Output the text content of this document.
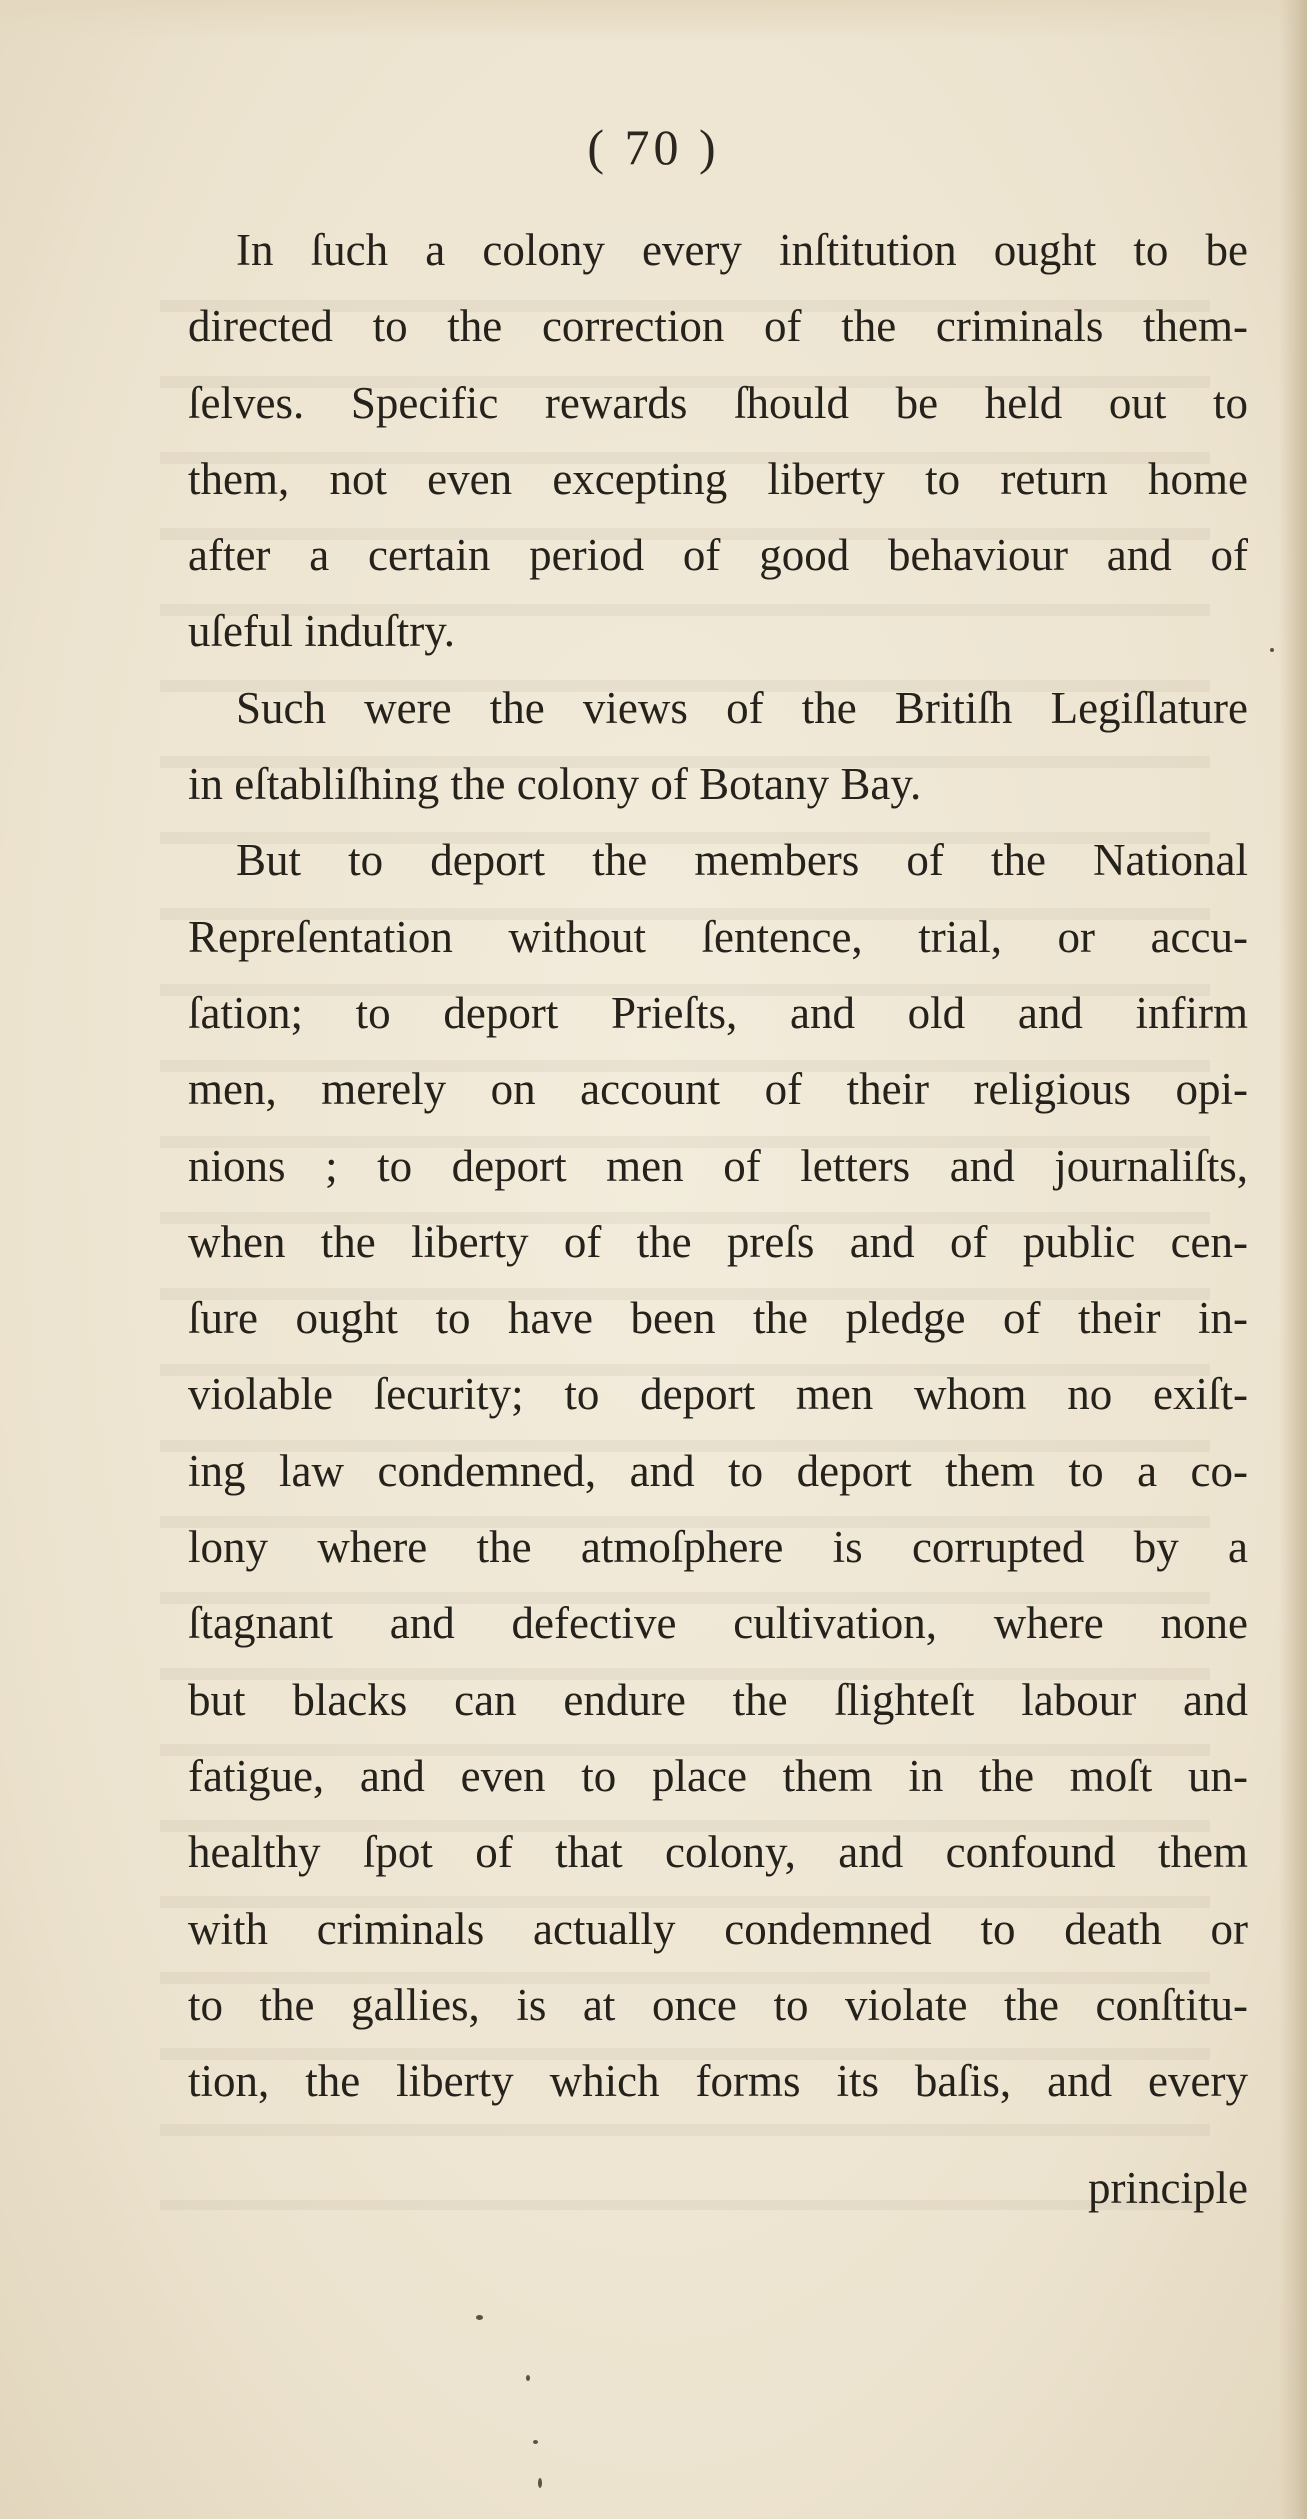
( 70 )
In ſuch a colony every inſtitution ought to be
directed to the correction of the criminals them-
ſelves. Specific rewards ſhould be held out to
them, not even excepting liberty to return home
after a certain period of good behaviour and of
uſeful induſtry.
Such were the views of the Britiſh Legiſlature
in eſtabliſhing the colony of Botany Bay.
But to deport the members of the National
Repreſentation without ſentence, trial, or accu-
ſation; to deport Prieſts, and old and infirm
men, merely on account of their religious opi-
nions ; to deport men of letters and journaliſts,
when the liberty of the preſs and of public cen-
ſure ought to have been the pledge of their in-
violable ſecurity; to deport men whom no exiſt-
ing law condemned, and to deport them to a co-
lony where the atmoſphere is corrupted by a
ſtagnant and defective cultivation, where none
but blacks can endure the ſlighteſt labour and
fatigue, and even to place them in the moſt un-
healthy ſpot of that colony, and confound them
with criminals actually condemned to death or
to the gallies, is at once to violate the conſtitu-
tion, the liberty which forms its baſis, and every
principle
